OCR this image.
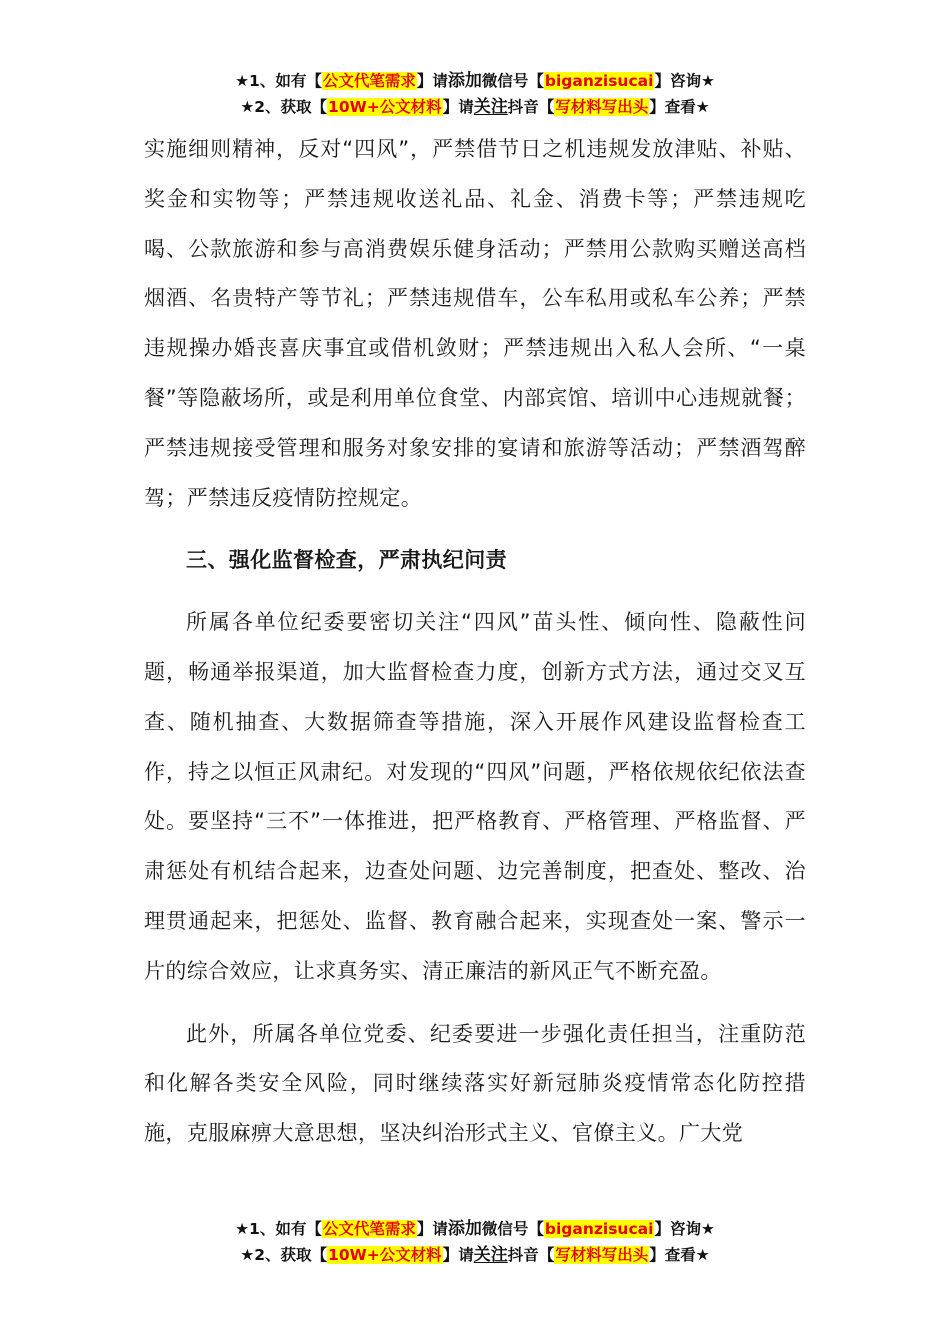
★1、如有【公文代笔需求】请添加微信号【biganzisucai】咨询★
★2、获取【10W+公文材料】请关注抖音【写材料写出头】查看★

实施细则精神，反对“四风”，严禁借节日之机违规发放津贴、补贴、奖金和实物等；严禁违规收送礼品、礼金、消费卡等；严禁违规吃喝、公款旅游和参与高消费娱乐健身活动；严禁用公款购买赠送高档烟酒、名贵特产等节礼；严禁违规借车，公车私用或私车公养；严禁违规操办婚丧喜庆事宜或借机敛财；严禁违规出入私人会所、“一桌餐”等隐蔽场所，或是利用单位食堂、内部宾馆、培训中心违规就餐；严禁违规接受管理和服务对象安排的宴请和旅游等活动；严禁酒驾醉驾；严禁违反疫情防控规定。

三、强化监督检查，严肃执纪问责

所属各单位纪委要密切关注“四风”苗头性、倾向性、隐蔽性问题，畅通举报渠道，加大监督检查力度，创新方式方法，通过交叉互查、随机抽查、大数据筛查等措施，深入开展作风建设监督检查工作，持之以恒正风肃纪。对发现的“四风”问题，严格依规依纪依法查处。要坚持“三不”一体推进，把严格教育、严格管理、严格监督、严肃惩处有机结合起来，边查处问题、边完善制度，把查处、整改、治理贯通起来，把惩处、监督、教育融合起来，实现查处一案、警示一片的综合效应，让求真务实、清正廉洁的新风正气不断充盈。

此外，所属各单位党委、纪委要进一步强化责任担当，注重防范和化解各类安全风险，同时继续落实好新冠肺炎疫情常态化防控措施，克服麻痹大意思想，坚决纠治形式主义、官僚主义。广大党

★1、如有【公文代笔需求】请添加微信号【biganzisucai】咨询★
★2、获取【10W+公文材料】请关注抖音【写材料写出头】查看★
